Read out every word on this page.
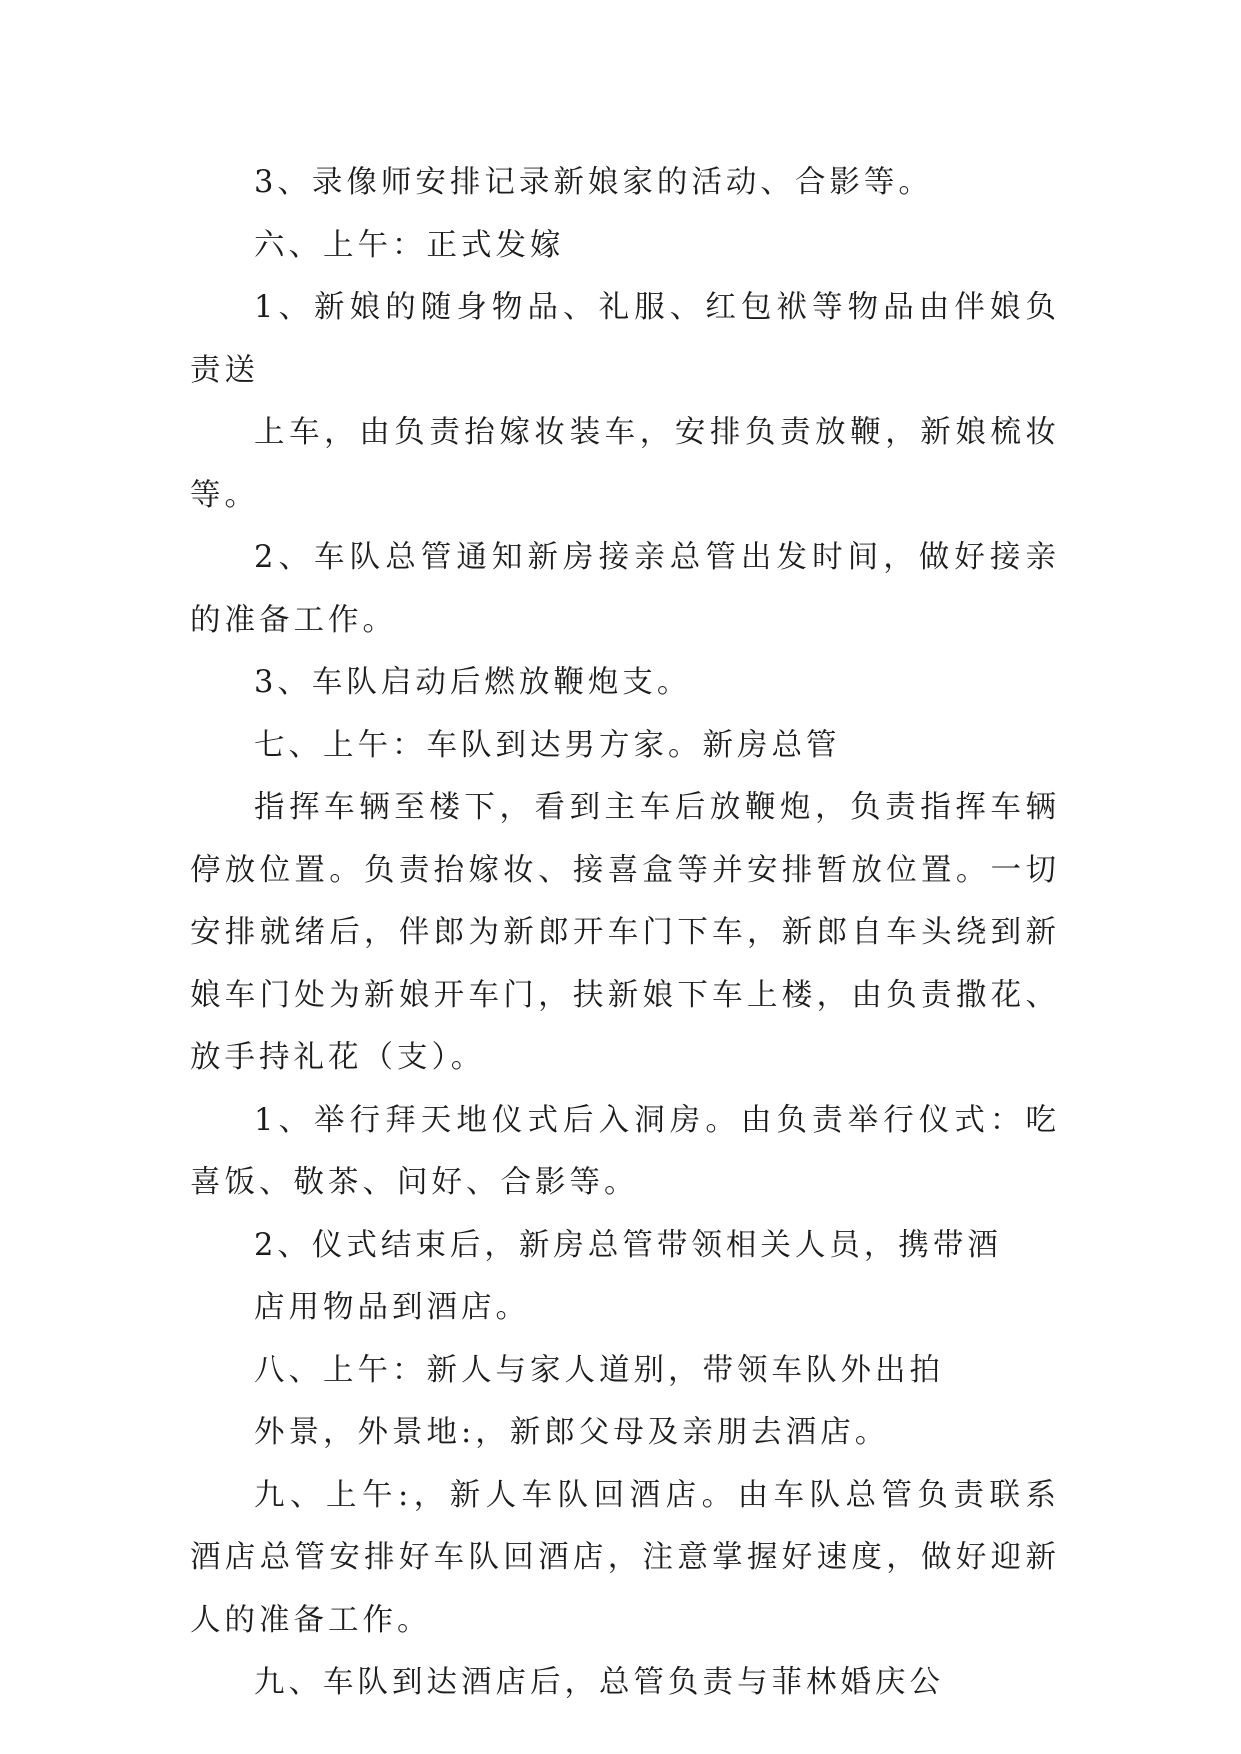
3、录像师安排记录新娘家的活动、合影等。

六、上午：正式发嫁

1、新娘的随身物品、礼服、红包袱等物品由伴娘负责送

上车，由负责抬嫁妆装车，安排负责放鞭，新娘梳妆等。

2、车队总管通知新房接亲总管出发时间，做好接亲的准备工作。

3、车队启动后燃放鞭炮支。

七、上午：车队到达男方家。新房总管

指挥车辆至楼下，看到主车后放鞭炮，负责指挥车辆停放位置。负责抬嫁妆、接喜盒等并安排暂放位置。一切安排就绪后，伴郎为新郎开车门下车，新郎自车头绕到新娘车门处为新娘开车门，扶新娘下车上楼，由负责撒花、放手持礼花（支）。

1、举行拜天地仪式后入洞房。由负责举行仪式：吃喜饭、敬茶、问好、合影等。

2、仪式结束后，新房总管带领相关人员，携带酒

店用物品到酒店。

八、上午：新人与家人道别，带领车队外出拍

外景，外景地:，新郎父母及亲朋去酒店。

九、上午:，新人车队回酒店。由车队总管负责联系酒店总管安排好车队回酒店，注意掌握好速度，做好迎新人的准备工作。

九、车队到达酒店后，总管负责与菲林婚庆公
